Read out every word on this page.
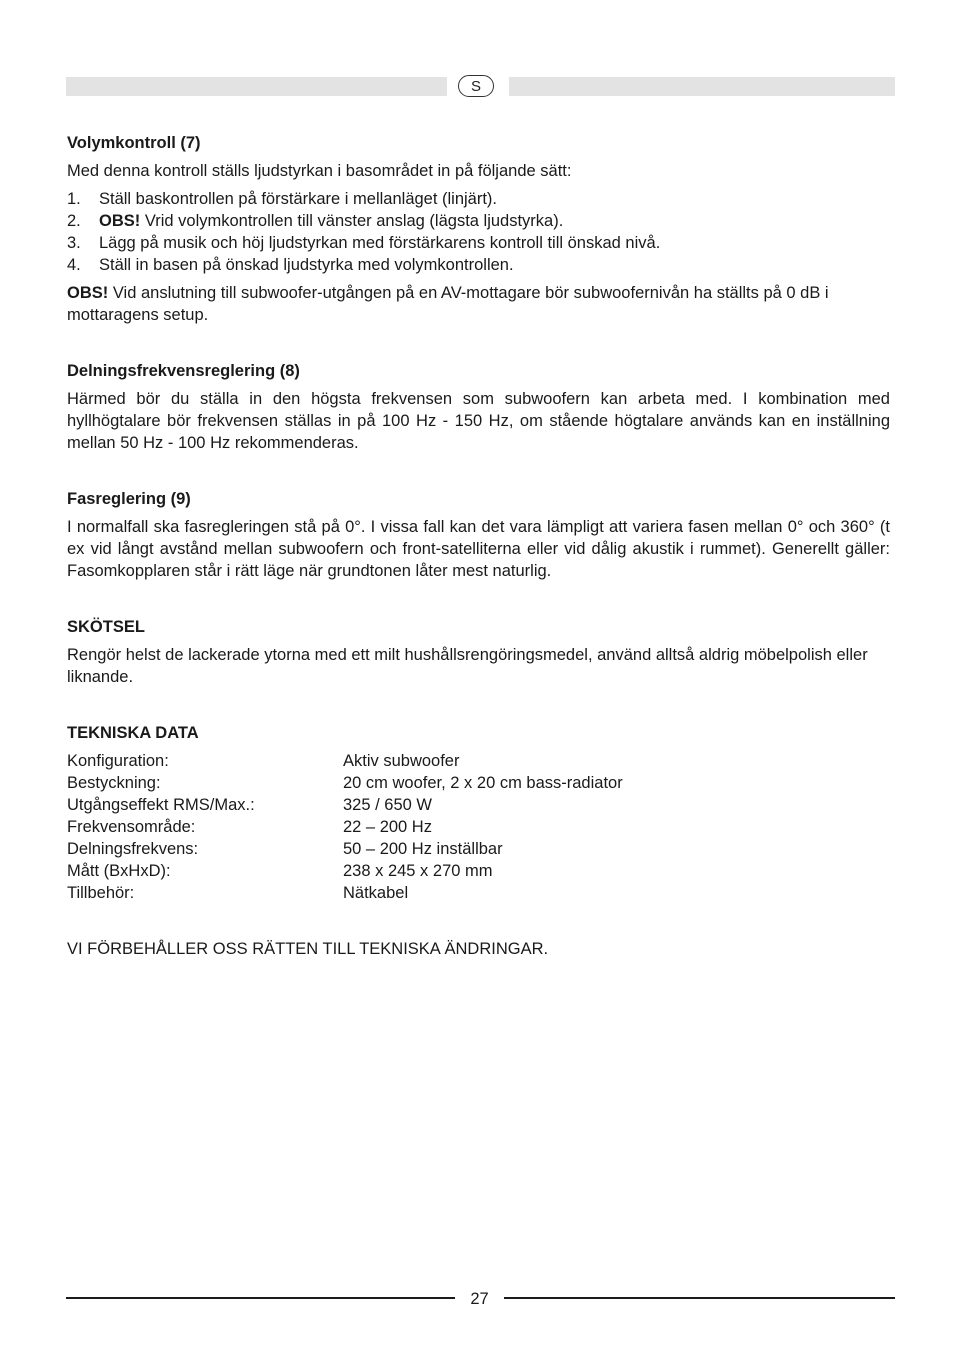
S
Volymkontroll (7)

Med denna kontroll ställs ljudstyrkan i basområdet in på följande sätt:

1.	Ställ baskontrollen på förstärkare i mellanläget (linjärt).
2.	OBS! Vrid volymkontrollen till vänster anslag (lägsta ljudstyrka).
3.	Lägg på musik och höj ljudstyrkan med förstärkarens kontroll till önskad nivå.
4.	Ställ in basen på önskad ljudstyrka med volymkontrollen.

OBS! Vid anslutning till subwoofer-utgången på en AV-mottagare bör subwoofernivån ha ställts på 0 dB i mottaragens setup.

Delningsfrekvensreglering (8)

Härmed bör du ställa in den högsta frekvensen som subwoofern kan arbeta med. I kombination med hyllhögtalare bör frekvensen ställas in på 100 Hz - 150 Hz, om stående högtalare används kan en inställning mellan 50 Hz - 100 Hz rekommenderas.

Fasreglering (9)

I normalfall ska fasregleringen stå på 0°. I vissa fall kan det vara lämpligt att variera fasen mellan 0° och 360° (t ex vid långt avstånd mellan subwoofern och front-satelliterna eller vid dålig akustik i rummet). Generellt gäller: Fasomkopplaren står i rätt läge när grundtonen låter mest naturlig.

SKÖTSEL

Rengör helst de lackerade ytorna med ett milt hushållsrengöringsmedel, använd alltså aldrig möbelpolish eller liknande.

TEKNISKA DATA
Konfiguration:	Aktiv subwoofer
Bestyckning:	20 cm woofer, 2 x 20 cm bass-radiator
Utgångseffekt RMS/Max.:	325 / 650 W
Frekvensområde:	22 – 200 Hz
Delningsfrekvens:	50 – 200 Hz inställbar
Mått (BxHxD):	238 x 245 x 270 mm
Tillbehör:	Nätkabel

VI FÖRBEHÅLLER OSS RÄTTEN TILL TEKNISKA ÄNDRINGAR.

27
